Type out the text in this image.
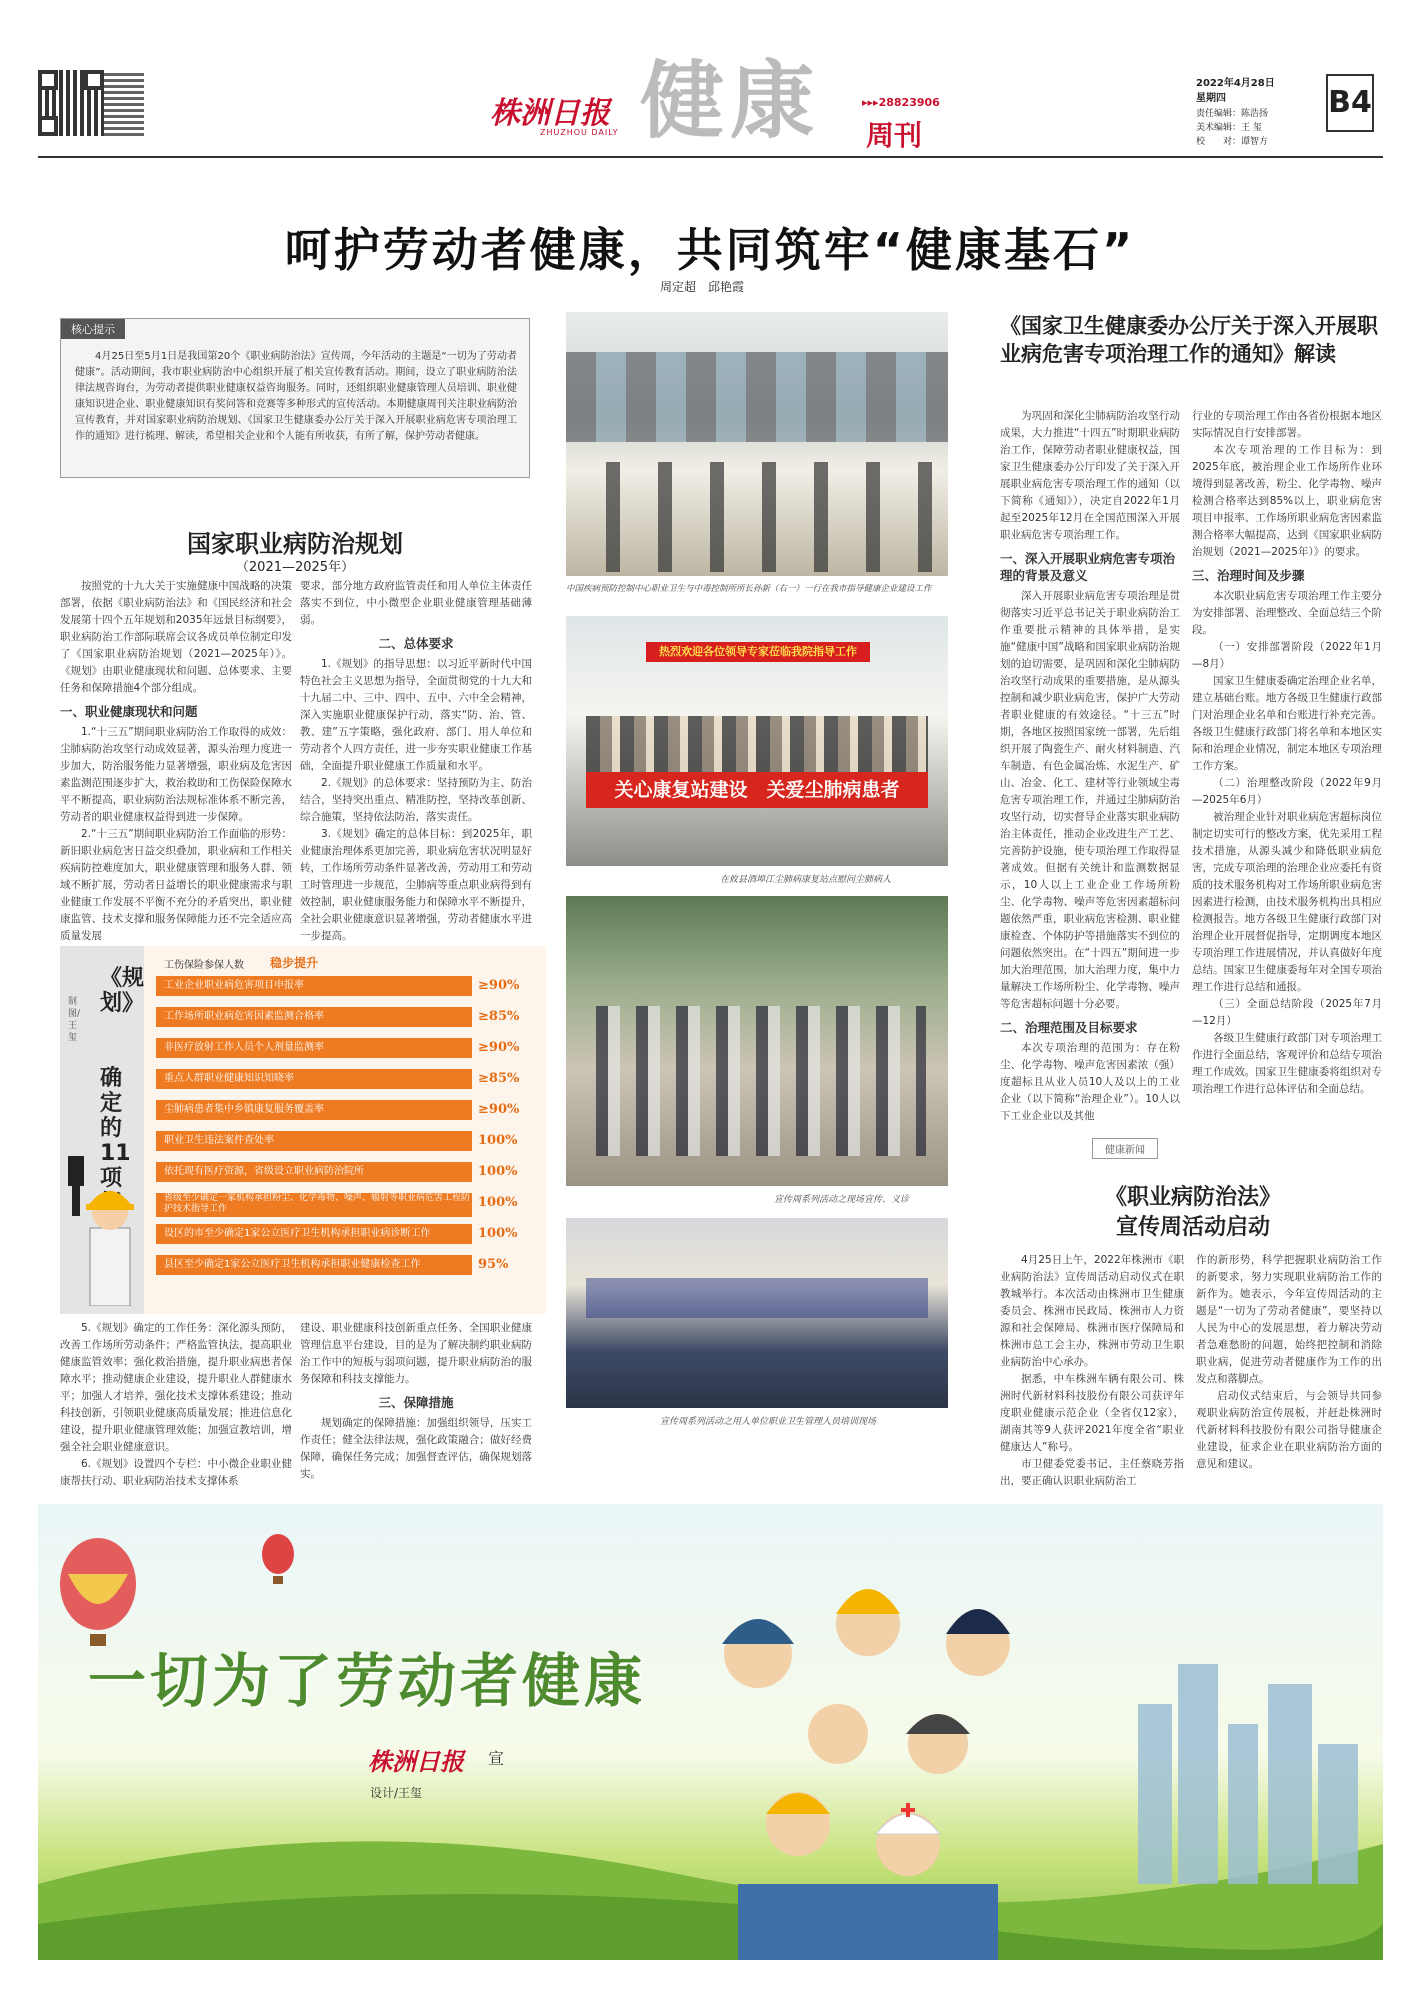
株洲日报
ZHUZHOU DAILY 健康	▸▸▸28823906
周刊
2022年4月28日
星期四
责任编辑：陈浩扬
美术编辑：王 玺
校　　对：谭智方
B4
呵护劳动者健康，共同筑牢“健康基石”
周定超　邱艳霞
核心提示
4月25日至5月1日是我国第20个《职业病防治法》宣传周，今年活动的主题是“一切为了劳动者健康”。活动期间，我市职业病防治中心组织开展了相关宣传教育活动。期间，设立了职业病防治法律法规咨询台，为劳动者提供职业健康权益咨询服务。同时，还组织职业健康管理人员培训、职业健康知识进企业、职业健康知识有奖问答和竞赛等多种形式的宣传活动。本期健康周刊关注职业病防治宣传教育，并对国家职业病防治规划、《国家卫生健康委办公厅关于深入开展职业病危害专项治理工作的通知》进行梳理、解读，希望相关企业和个人能有所收获，有所了解，保护劳动者健康。
国家职业病防治规划
（2021—2025年）

按照党的十九大关于实施健康中国战略的决策部署，依据《职业病防治法》和《国民经济和社会发展第十四个五年规划和2035年远景目标纲要》，职业病防治工作部际联席会议各成员单位制定印发了《国家职业病防治规划（2021—2025年）》。《规划》由职业健康现状和问题、总体要求、主要任务和保障措施4个部分组成。

一、职业健康现状和问题

1.“十三五”期间职业病防治工作取得的成效：尘肺病防治攻坚行动成效显著，源头治理力度进一步加大，防治服务能力显著增强，职业病及危害因素监测范围逐步扩大，救治救助和工伤保险保障水平不断提高，职业病防治法规标准体系不断完善，劳动者的职业健康权益得到进一步保障。

2.“十三五”期间职业病防治工作面临的形势：新旧职业病危害日益交织叠加，职业病和工作相关疾病防控难度加大，职业健康管理和服务人群、领域不断扩展，劳动者日益增长的职业健康需求与职业健康工作发展不平衡不充分的矛盾突出，职业健康监管、技术支撑和服务保障能力还不完全适应高质量发展

要求，部分地方政府监管责任和用人单位主体责任落实不到位，中小微型企业职业健康管理基础薄弱。

二、总体要求

1.《规划》的指导思想：以习近平新时代中国特色社会主义思想为指导，全面贯彻党的十九大和十九届二中、三中、四中、五中、六中全会精神，深入实施职业健康保护行动，落实“防、治、管、教、建”五字策略，强化政府、部门、用人单位和劳动者个人四方责任，进一步夯实职业健康工作基础，全面提升职业健康工作质量和水平。

2.《规划》的总体要求：坚持预防为主、防治结合，坚持突出重点、精准防控，坚持改革创新、综合施策，坚持依法防治，落实责任。

3.《规划》确定的总体目标：到2025年，职业健康治理体系更加完善，职业病危害状况明显好转，工作场所劳动条件显著改善，劳动用工和劳动工时管理进一步规范，尘肺病等重点职业病得到有效控制，职业健康服务能力和保障水平不断提升，全社会职业健康意识显著增强，劳动者健康水平进一步提高。

制图/王玺
《规划》
确定的11项
工伤保险参保人数 稳步提升
工业企业职业病危害项目申报率	≥90%
工作场所职业病危害因素监测合格率	≥85%
非医疗放射工作人员个人剂量监测率	≥90%
重点人群职业健康知识知晓率	≥85%
尘肺病患者集中乡镇康复服务覆盖率	≥90%
职业卫生违法案件查处率	100%
依托现有医疗资源，省级设立职业病防治院所	100%
省级至少确定一家机构承担粉尘、化学毒物、噪声、辐射等职业病危害工程防护技术指导工作	100%
设区的市至少确定1家公立医疗卫生机构承担职业病诊断工作	100%
县区至少确定1家公立医疗卫生机构承担职业健康检查工作	95%

5.《规划》确定的工作任务：深化源头预防，改善工作场所劳动条件；严格监管执法，提高职业健康监管效率；强化救治措施，提升职业病患者保障水平；推动健康企业建设，提升职业人群健康水平；加强人才培养，强化技术支撑体系建设；推动科技创新，引领职业健康高质量发展；推进信息化建设，提升职业健康管理效能；加强宣教培训，增强全社会职业健康意识。

6.《规划》设置四个专栏：中小微企业职业健康帮扶行动、职业病防治技术支撑体系

建设、职业健康科技创新重点任务、全国职业健康管理信息平台建设，目的是为了解决制约职业病防治工作中的短板与弱项问题，提升职业病防治的服务保障和科技支撑能力。

三、保障措施

规划确定的保障措施：加强组织领导，压实工作责任；健全法律法规，强化政策融合；做好经费保障，确保任务完成；加强督查评估，确保规划落实。

中国疾病预防控制中心职业卫生与中毒控制所所长孙新（右一）一行在我市指导健康企业建设工作
热烈欢迎各位领导专家莅临我院指导工作
关心康复站建设　关爱尘肺病患者
在攸县酒埠江尘肺病康复站点慰问尘肺病人
宣传周系列活动之现场宣传、义诊
宣传周系列活动之用人单位职业卫生管理人员培训现场
《国家卫生健康委办公厅关于深入开展职业病危害专项治理工作的通知》解读

为巩固和深化尘肺病防治攻坚行动成果，大力推进“十四五”时期职业病防治工作，保障劳动者职业健康权益，国家卫生健康委办公厅印发了关于深入开展职业病危害专项治理工作的通知（以下简称《通知》），决定自2022年1月起至2025年12月在全国范围深入开展职业病危害专项治理工作。

一、深入开展职业病危害专项治理的背景及意义

深入开展职业病危害专项治理是贯彻落实习近平总书记关于职业病防治工作重要批示精神的具体举措，是实施“健康中国”战略和国家职业病防治规划的迫切需要，是巩固和深化尘肺病防治攻坚行动成果的重要措施，是从源头控制和减少职业病危害，保护广大劳动者职业健康的有效途径。“十三五”时期，各地区按照国家统一部署，先后组织开展了陶瓷生产、耐火材料制造、汽车制造、有色金属冶炼、水泥生产、矿山、冶金、化工、建材等行业领域尘毒危害专项治理工作，并通过尘肺病防治攻坚行动，切实督导企业落实职业病防治主体责任，推动企业改进生产工艺、完善防护设施，使专项治理工作取得显著成效。但据有关统计和监测数据显示，10人以上工业企业工作场所粉尘、化学毒物、噪声等危害因素超标问题依然严重，职业病危害检测、职业健康检查、个体防护等措施落实不到位的问题依然突出。在“十四五”期间进一步加大治理范围，加大治理力度，集中力量解决工作场所粉尘、化学毒物、噪声等危害超标问题十分必要。

二、治理范围及目标要求

本次专项治理的范围为：存在粉尘、化学毒物、噪声危害因素浓（强）度超标且从业人员10人及以上的工业企业（以下简称“治理企业”）。10人以下工业企业以及其他

行业的专项治理工作由各省份根据本地区实际情况自行安排部署。

本次专项治理的工作目标为：到2025年底，被治理企业工作场所作业环境得到显著改善，粉尘、化学毒物、噪声检测合格率达到85%以上，职业病危害项目申报率、工作场所职业病危害因素监测合格率大幅提高，达到《国家职业病防治规划（2021—2025年）》的要求。

三、治理时间及步骤

本次职业病危害专项治理工作主要分为安排部署、治理整改、全面总结三个阶段。

（一）安排部署阶段（2022年1月—8月）

国家卫生健康委确定治理企业名单，建立基础台账。地方各级卫生健康行政部门对治理企业名单和台账进行补充完善。各级卫生健康行政部门将名单和本地区实际和治理企业情况，制定本地区专项治理工作方案。

（二）治理整改阶段（2022年9月—2025年6月）

被治理企业针对职业病危害超标岗位制定切实可行的整改方案，优先采用工程技术措施，从源头减少和降低职业病危害，完成专项治理的治理企业应委托有资质的技术服务机构对工作场所职业病危害因素进行检测，由技术服务机构出具相应检测报告。地方各级卫生健康行政部门对治理企业开展督促指导，定期调度本地区专项治理工作进展情况，并认真做好年度总结。国家卫生健康委每年对全国专项治理工作进行总结和通报。

（三）全面总结阶段（2025年7月—12月）

各级卫生健康行政部门对专项治理工作进行全面总结，客观评价和总结专项治理工作成效。国家卫生健康委将组织对专项治理工作进行总体评估和全面总结。

健康新闻
《职业病防治法》
宣传周活动启动

4月25日上午，2022年株洲市《职业病防治法》宣传周活动启动仪式在职教城举行。本次活动由株洲市卫生健康委员会、株洲市民政局、株洲市人力资源和社会保障局、株洲市医疗保障局和株洲市总工会主办，株洲市劳动卫生职业病防治中心承办。

据悉，中车株洲车辆有限公司、株洲时代新材料科技股份有限公司获评年度职业健康示范企业（全省仅12家），湖南其等9人获评2021年度全省“职业健康达人”称号。

市卫健委党委书记、主任蔡晓芳指出，要正确认识职业病防治工

作的新形势，科学把握职业病防治工作的新要求，努力实现职业病防治工作的新作为。她表示，今年宣传周活动的主题是“一切为了劳动者健康”，要坚持以人民为中心的发展思想，着力解决劳动者急难愁盼的问题，始终把控制和消除职业病，促进劳动者健康作为工作的出发点和落脚点。

启动仪式结束后，与会领导共同参观职业病防治宣传展板，并赶赴株洲时代新材料科技股份有限公司指导健康企业建设，征求企业在职业病防治方面的意见和建议。

一切为了劳动者健康
株洲日报 宣
设计/王玺
